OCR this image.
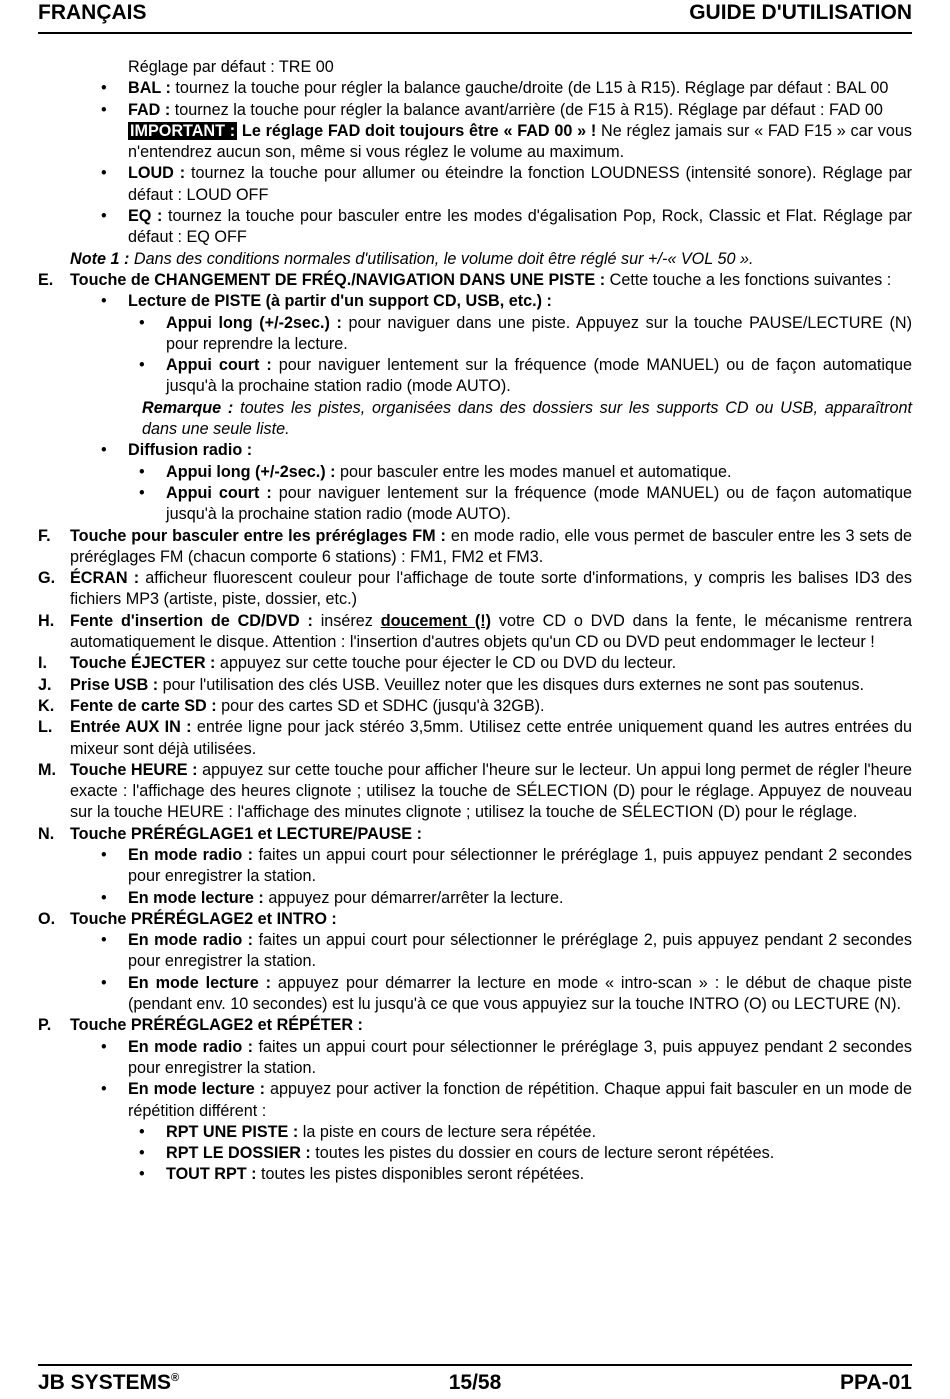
FRANÇAIS	GUIDE D'UTILISATION
Réglage par défaut : TRE 00
• BAL : tournez la touche pour régler la balance gauche/droite (de L15 à R15). Réglage par défaut : BAL 00
• FAD : tournez la touche pour régler la balance avant/arrière (de F15 à R15). Réglage par défaut : FAD 00
IMPORTANT : Le réglage FAD doit toujours être « FAD 00 » ! Ne réglez jamais sur « FAD F15 » car vous n'entendrez aucun son, même si vous réglez le volume au maximum.
• LOUD : tournez la touche pour allumer ou éteindre la fonction LOUDNESS (intensité sonore). Réglage par défaut : LOUD OFF
• EQ : tournez la touche pour basculer entre les modes d'égalisation Pop, Rock, Classic et Flat. Réglage par défaut : EQ OFF
Note 1 : Dans des conditions normales d'utilisation, le volume doit être réglé sur +/-« VOL 50 ».
E. Touche de CHANGEMENT DE FRÉQ./NAVIGATION DANS UNE PISTE : Cette touche a les fonctions suivantes :
• Lecture de PISTE (à partir d'un support CD, USB, etc.) :
• Appui long (+/-2sec.) : pour naviguer dans une piste. Appuyez sur la touche PAUSE/LECTURE (N) pour reprendre la lecture.
• Appui court : pour naviguer lentement sur la fréquence (mode MANUEL) ou de façon automatique jusqu'à la prochaine station radio (mode AUTO).
Remarque : toutes les pistes, organisées dans des dossiers sur les supports CD ou USB, apparaîtront dans une seule liste.
• Diffusion radio :
• Appui long (+/-2sec.) : pour basculer entre les modes manuel et automatique.
• Appui court : pour naviguer lentement sur la fréquence (mode MANUEL) ou de façon automatique jusqu'à la prochaine station radio (mode AUTO).
F. Touche pour basculer entre les préréglages FM : en mode radio, elle vous permet de basculer entre les 3 sets de préréglages FM (chacun comporte 6 stations) : FM1, FM2 et FM3.
G. ÉCRAN : afficheur fluorescent couleur pour l'affichage de toute sorte d'informations, y compris les balises ID3 des fichiers MP3 (artiste, piste, dossier, etc.)
H. Fente d'insertion de CD/DVD : insérez doucement (!) votre CD o DVD dans la fente, le mécanisme rentrera automatiquement le disque. Attention : l'insertion d'autres objets qu'un CD ou DVD peut endommager le lecteur !
I. Touche ÉJECTER : appuyez sur cette touche pour éjecter le CD ou DVD du lecteur.
J. Prise USB : pour l'utilisation des clés USB. Veuillez noter que les disques durs externes ne sont pas soutenus.
K. Fente de carte SD : pour des cartes SD et SDHC (jusqu'à 32GB).
L. Entrée AUX IN : entrée ligne pour jack stéréo 3,5mm. Utilisez cette entrée uniquement quand les autres entrées du mixeur sont déjà utilisées.
M. Touche HEURE : appuyez sur cette touche pour afficher l'heure sur le lecteur. Un appui long permet de régler l'heure exacte : l'affichage des heures clignote ; utilisez la touche de SÉLECTION (D) pour le réglage. Appuyez de nouveau sur la touche HEURE : l'affichage des minutes clignote ; utilisez la touche de SÉLECTION (D) pour le réglage.
N. Touche PRÉRÉGLAGE1 et LECTURE/PAUSE :
• En mode radio : faites un appui court pour sélectionner le préréglage 1, puis appuyez pendant 2 secondes pour enregistrer la station.
• En mode lecture : appuyez pour démarrer/arrêter la lecture.
O. Touche PRÉRÉGLAGE2 et INTRO :
• En mode radio : faites un appui court pour sélectionner le préréglage 2, puis appuyez pendant 2 secondes pour enregistrer la station.
• En mode lecture : appuyez pour démarrer la lecture en mode « intro-scan » : le début de chaque piste (pendant env. 10 secondes) est lu jusqu'à ce que vous appuyiez sur la touche INTRO (O) ou LECTURE (N).
P. Touche PRÉRÉGLAGE2 et RÉPÉTER :
• En mode radio : faites un appui court pour sélectionner le préréglage 3, puis appuyez pendant 2 secondes pour enregistrer la station.
• En mode lecture : appuyez pour activer la fonction de répétition. Chaque appui fait basculer en un mode de répétition différent :
• RPT UNE PISTE : la piste en cours de lecture sera répétée.
• RPT LE DOSSIER : toutes les pistes du dossier en cours de lecture seront répétées.
• TOUT RPT : toutes les pistes disponibles seront répétées.
JB SYSTEMS®	15/58	PPA-01
